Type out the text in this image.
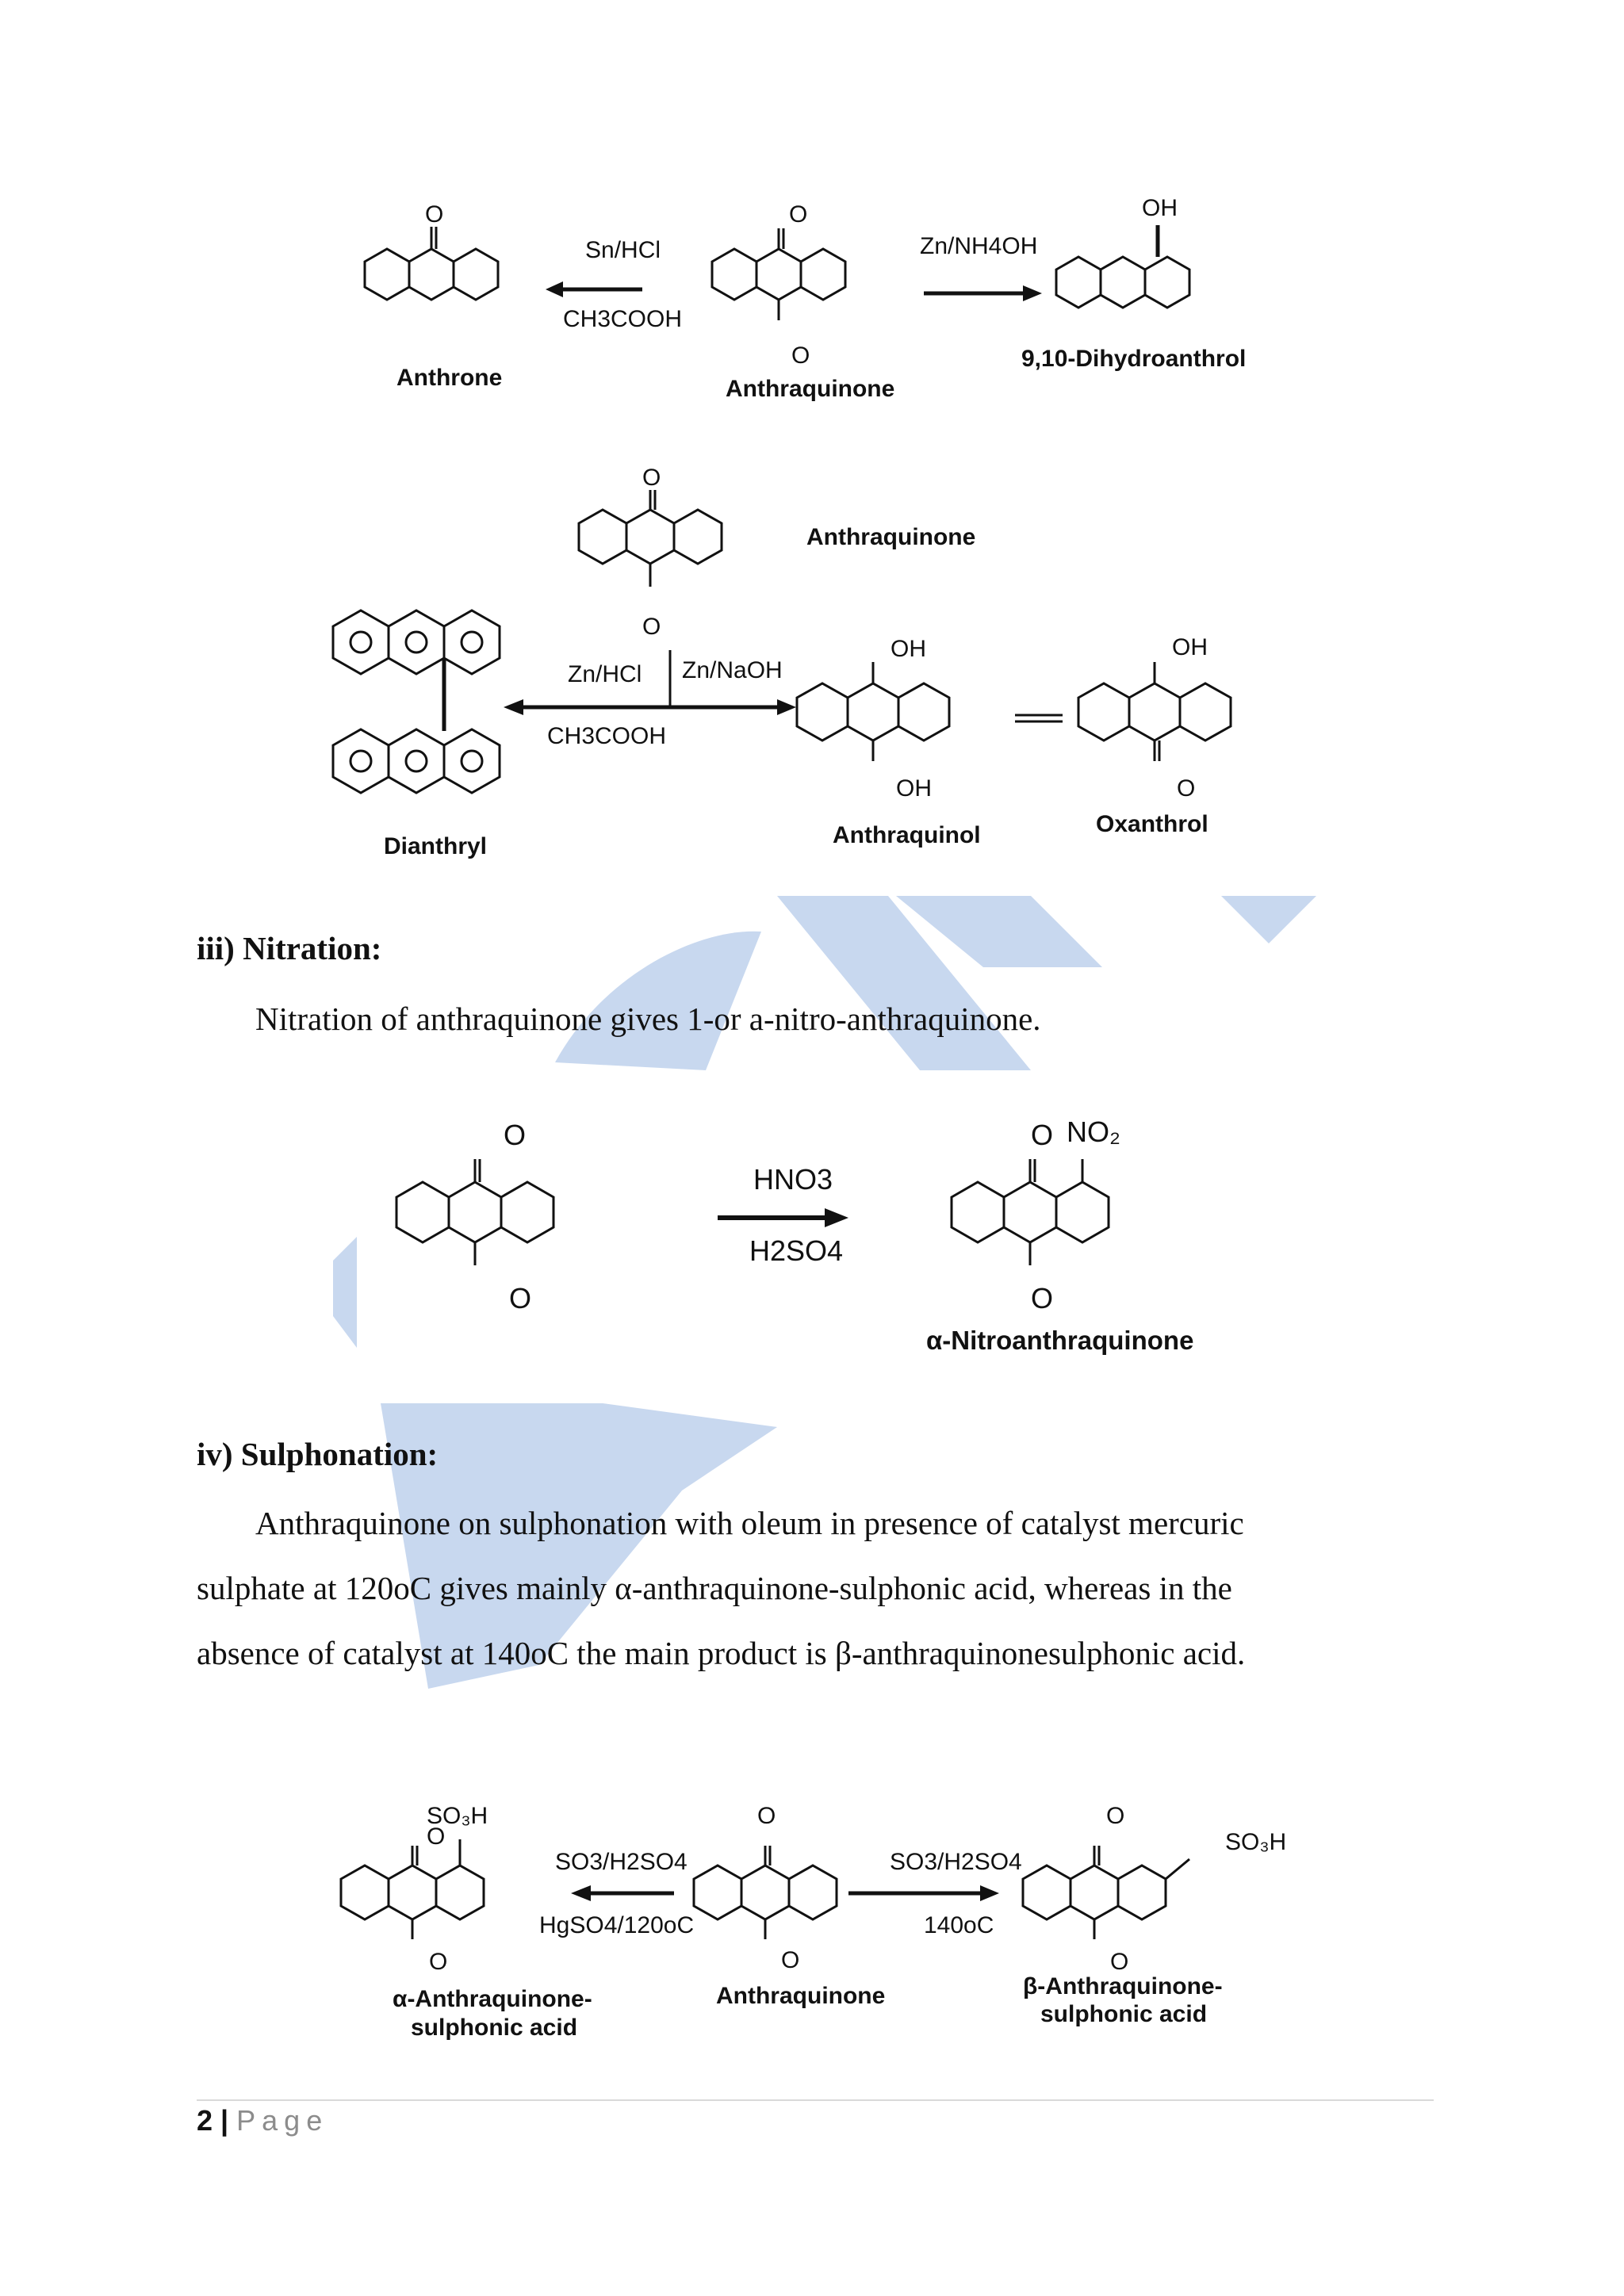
O
Sn/HCl
CH3COOH
Zn/NH4OH
OH
O
O
Anthrone	Anthraquinone
9,10-Dihydroanthrol
O
O
Zn/HCl
CH3COOH
Zn/NaOH
OH
OH
OH
O
Anthraquinone
Dianthryl	Anthraquinol	Oxanthrol
iii) Nitration:
Nitration of anthraquinone gives 1-or a-nitro-anthraquinone.
O
O
HNO3
H2SO4
O NO₂
O
α-Nitroanthraquinone
iv) Sulphonation:
Anthraquinone on sulphonation with oleum in presence of catalyst mercuric
sulphate at 120oC gives mainly α-anthraquinone-sulphonic acid, whereas in the
absence of catalyst at 140oC the main product is β-anthraquinonesulphonic acid.
SO₃H
O
O
SO3/H2SO4
HgSO4/120oC
O
O
SO3/H2SO4
140oC
O
O
SO₃H
α-Anthraquinone-
sulphonic acid
Anthraquinone	β-Anthraquinone-
sulphonic acid
2 | Page
